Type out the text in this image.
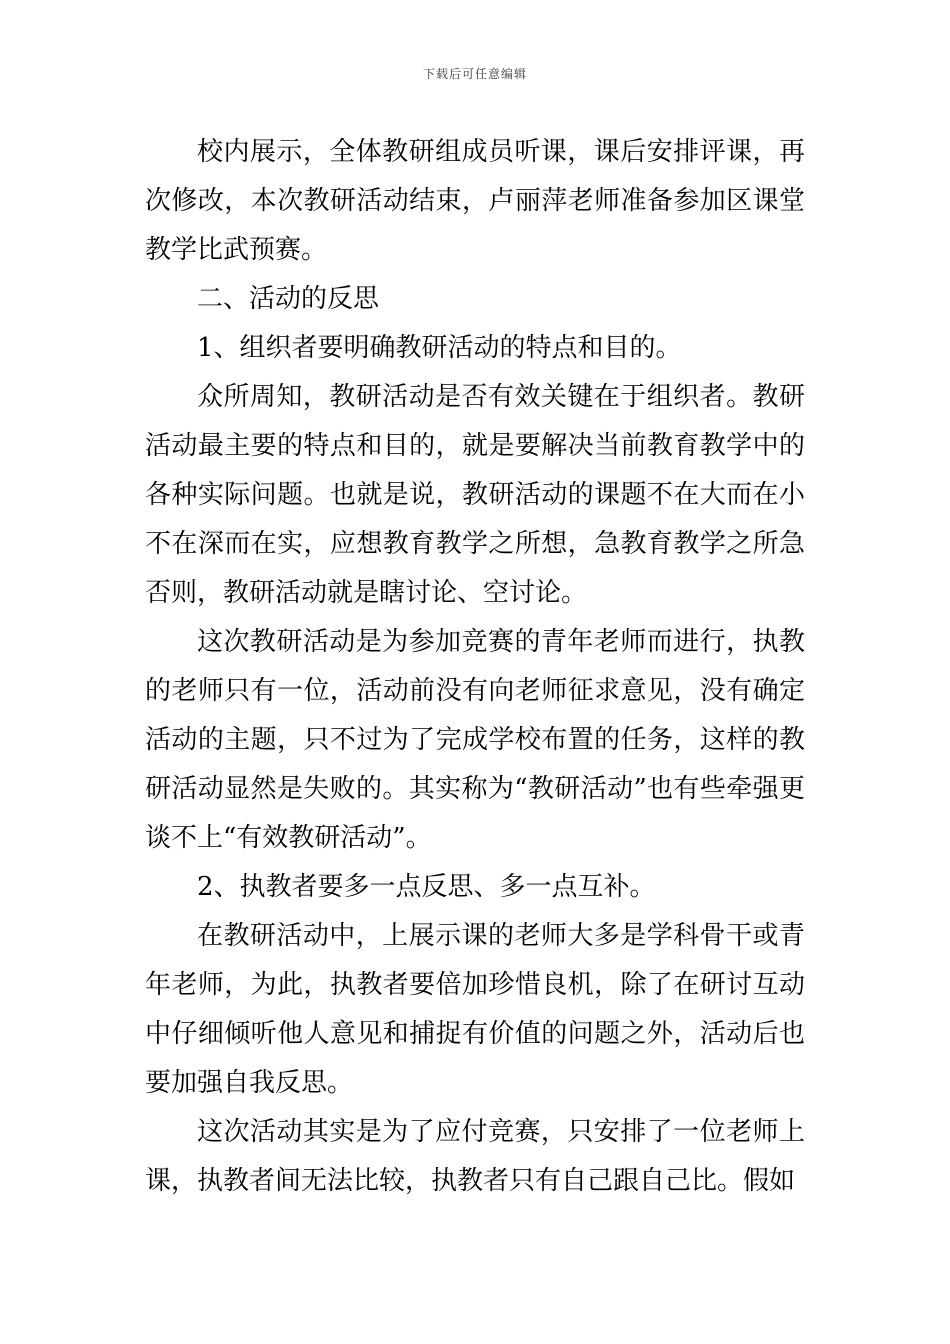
下载后可任意编辑

校内展示，全体教研组成员听课，课后安排评课，再次修改，本次教研活动结束，卢丽萍老师准备参加区课堂教学比武预赛。

二、活动的反思

1、组织者要明确教研活动的特点和目的。

众所周知，教研活动是否有效关键在于组织者。教研活动最主要的特点和目的，就是要解决当前教育教学中的各种实际问题。也就是说，教研活动的课题不在大而在小不在深而在实，应想教育教学之所想，急教育教学之所急否则，教研活动就是瞎讨论、空讨论。

这次教研活动是为参加竞赛的青年老师而进行，执教的老师只有一位，活动前没有向老师征求意见，没有确定活动的主题，只不过为了完成学校布置的任务，这样的教研活动显然是失败的。其实称为“教研活动”也有些牵强更谈不上“有效教研活动”。

2、执教者要多一点反思、多一点互补。

在教研活动中，上展示课的老师大多是学科骨干或青年老师，为此，执教者要倍加珍惜良机，除了在研讨互动中仔细倾听他人意见和捕捉有价值的问题之外，活动后也要加强自我反思。

这次活动其实是为了应付竞赛，只安排了一位老师上课，执教者间无法比较，执教者只有自己跟自己比。假如
